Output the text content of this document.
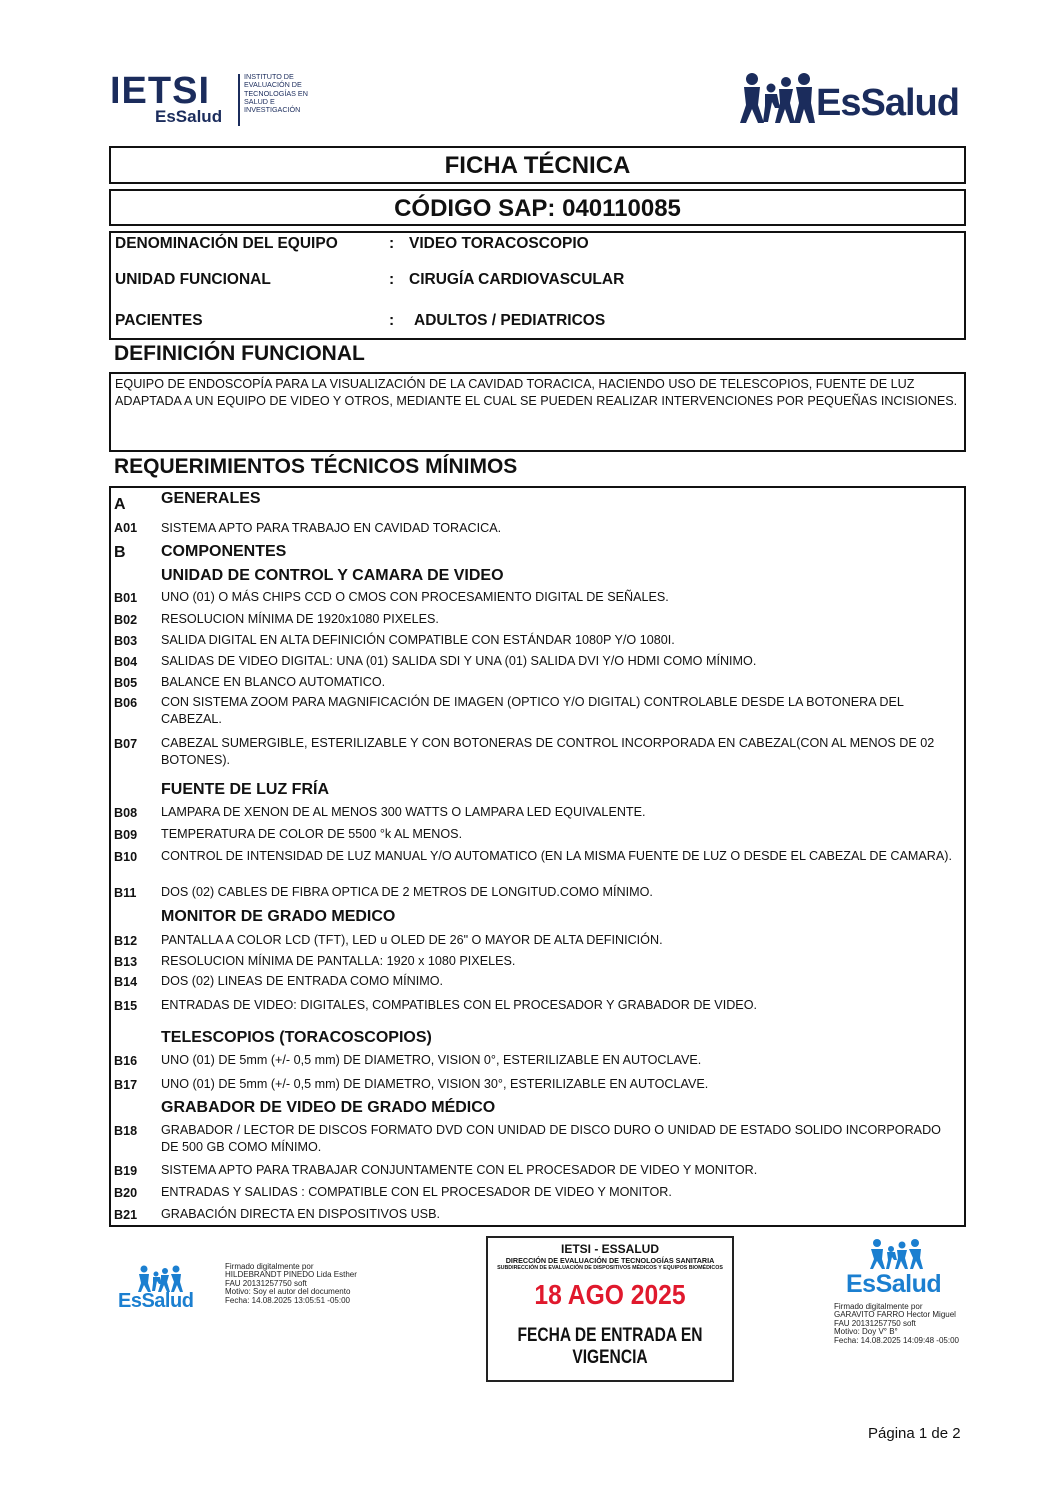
IETSI
EsSalud
INSTITUTO DE
EVALUACIÓN DE
TECNOLOGÍAS EN
SALUD E
INVESTIGACIÓN	EsSalud
FICHA TÉCNICA
CÓDIGO SAP: 040110085
DENOMINACIÓN DEL EQUIPO	: VIDEO TORACOSCOPIO
UNIDAD FUNCIONAL	: CIRUGÍA CARDIOVASCULAR
PACIENTES	: ADULTOS / PEDIATRICOS
DEFINICIÓN FUNCIONAL
EQUIPO DE ENDOSCOPÍA PARA LA VISUALIZACIÓN DE LA CAVIDAD TORACICA, HACIENDO USO DE TELESCOPIOS, FUENTE DE LUZ ADAPTADA A UN EQUIPO DE VIDEO Y OTROS, MEDIANTE EL CUAL SE PUEDEN REALIZAR INTERVENCIONES POR PEQUEÑAS INCISIONES.
REQUERIMIENTOS TÉCNICOS MÍNIMOS
A GENERALES
A01 SISTEMA APTO PARA TRABAJO EN CAVIDAD TORACICA.
B COMPONENTES
UNIDAD DE CONTROL Y CAMARA DE VIDEO
B01 UNO (01) O MÁS CHIPS CCD O CMOS CON PROCESAMIENTO DIGITAL DE SEÑALES.
B02 RESOLUCION MÍNIMA DE 1920x1080 PIXELES.
B03 SALIDA DIGITAL EN ALTA DEFINICIÓN COMPATIBLE CON ESTÁNDAR 1080P Y/O 1080I.
B04 SALIDAS DE VIDEO DIGITAL: UNA (01) SALIDA SDI Y UNA (01) SALIDA DVI Y/O HDMI COMO MÍNIMO.
B05 BALANCE EN BLANCO AUTOMATICO.
B06 CON SISTEMA ZOOM PARA MAGNIFICACIÓN DE IMAGEN (OPTICO Y/O DIGITAL) CONTROLABLE DESDE LA BOTONERA DEL CABEZAL.
B07 CABEZAL SUMERGIBLE, ESTERILIZABLE Y CON BOTONERAS DE CONTROL INCORPORADA EN CABEZAL(CON AL MENOS DE 02 BOTONES).
FUENTE DE LUZ FRÍA
B08 LAMPARA DE XENON DE AL MENOS 300 WATTS O LAMPARA LED EQUIVALENTE.
B09 TEMPERATURA DE COLOR DE 5500 °k AL MENOS.
B10 CONTROL DE INTENSIDAD DE LUZ MANUAL Y/O AUTOMATICO (EN LA MISMA FUENTE DE LUZ O DESDE EL CABEZAL DE CAMARA).
B11 DOS (02) CABLES DE FIBRA OPTICA DE 2 METROS DE LONGITUD.COMO MÍNIMO.
MONITOR DE GRADO MEDICO
B12 PANTALLA A COLOR LCD (TFT), LED u OLED DE 26" O MAYOR DE ALTA DEFINICIÓN.
B13 RESOLUCION MÍNIMA DE PANTALLA: 1920 x 1080 PIXELES.
B14 DOS (02) LINEAS DE ENTRADA COMO MÍNIMO.
B15 ENTRADAS DE VIDEO: DIGITALES, COMPATIBLES CON EL PROCESADOR Y GRABADOR DE VIDEO.
TELESCOPIOS (TORACOSCOPIOS)
B16 UNO (01) DE 5mm (+/- 0,5 mm) DE DIAMETRO, VISION 0°, ESTERILIZABLE EN AUTOCLAVE.
B17 UNO (01) DE 5mm (+/- 0,5 mm) DE DIAMETRO, VISION 30°, ESTERILIZABLE EN AUTOCLAVE.
GRABADOR DE VIDEO DE GRADO MÉDICO
B18 GRABADOR / LECTOR DE DISCOS FORMATO DVD CON UNIDAD DE DISCO DURO O UNIDAD DE ESTADO SOLIDO INCORPORADO DE 500 GB COMO MÍNIMO.
B19 SISTEMA APTO PARA TRABAJAR CONJUNTAMENTE CON EL PROCESADOR DE VIDEO Y MONITOR.
B20 ENTRADAS Y SALIDAS : COMPATIBLE CON EL PROCESADOR DE VIDEO Y MONITOR.
B21 GRABACIÓN DIRECTA EN DISPOSITIVOS USB.
EsSalud
Firmado digitalmente por
HILDEBRANDT PINEDO Lida Esther
FAU 20131257750 soft
Motivo: Soy el autor del documento
Fecha: 14.08.2025 13:05:51 -05:00
IETSI - ESSALUD
DIRECCIÓN DE EVALUACIÓN DE TECNOLOGÍAS SANITARIA
SUBDIRECCIÓN DE EVALUACIÓN DE DISPOSITIVOS MÉDICOS Y EQUIPOS BIOMÉDICOS
18 AGO 2025
FECHA DE ENTRADA EN VIGENCIA
EsSalud
Firmado digitalmente por
GARAVITO FARRO Hector Miguel
FAU 20131257750 soft
Motivo: Doy V° B°
Fecha: 14.08.2025 14:09:48 -05:00
Página 1 de 2
